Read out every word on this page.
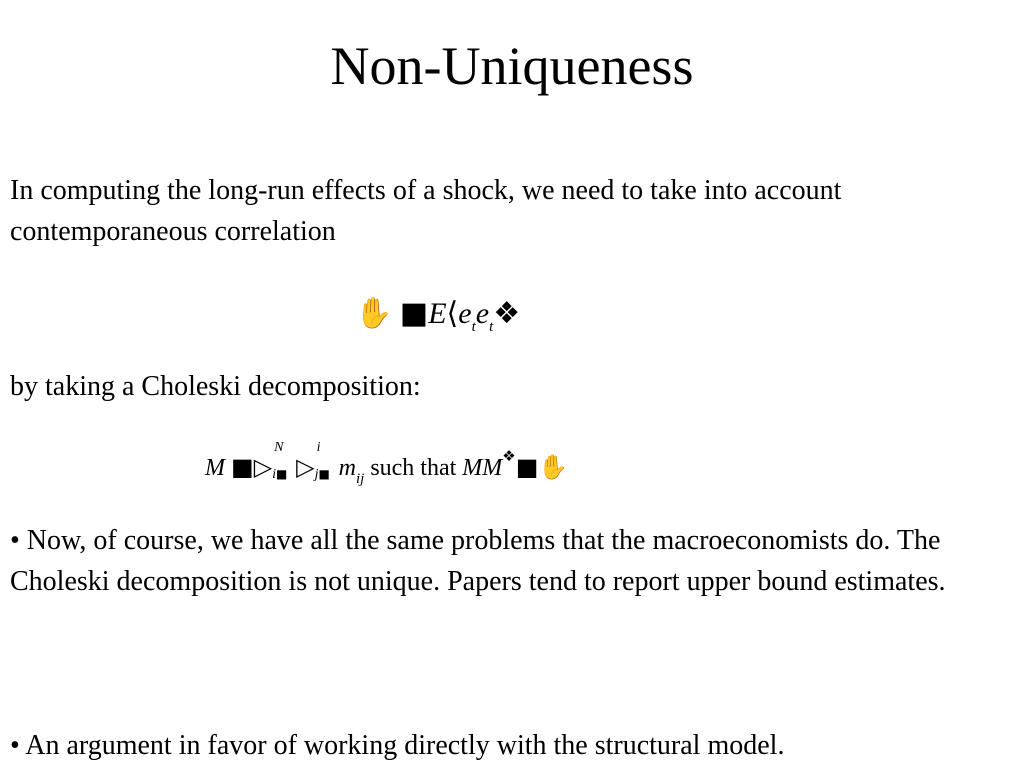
Non-Uniqueness
In computing the long-run effects of a shock, we need to take into account contemporaneous correlation
✋ $■E⟨e_te_t❖$
by taking a Choleski decomposition:
M ■▷
N
i■ ▷
i
j■ $m_{ij}$ such that MM❖■✋
• Now, of course, we have all the same problems that the macroeconomists do. The Choleski decomposition is not unique. Papers tend to report upper bound estimates.
• An argument in favor of working directly with the structural model.
